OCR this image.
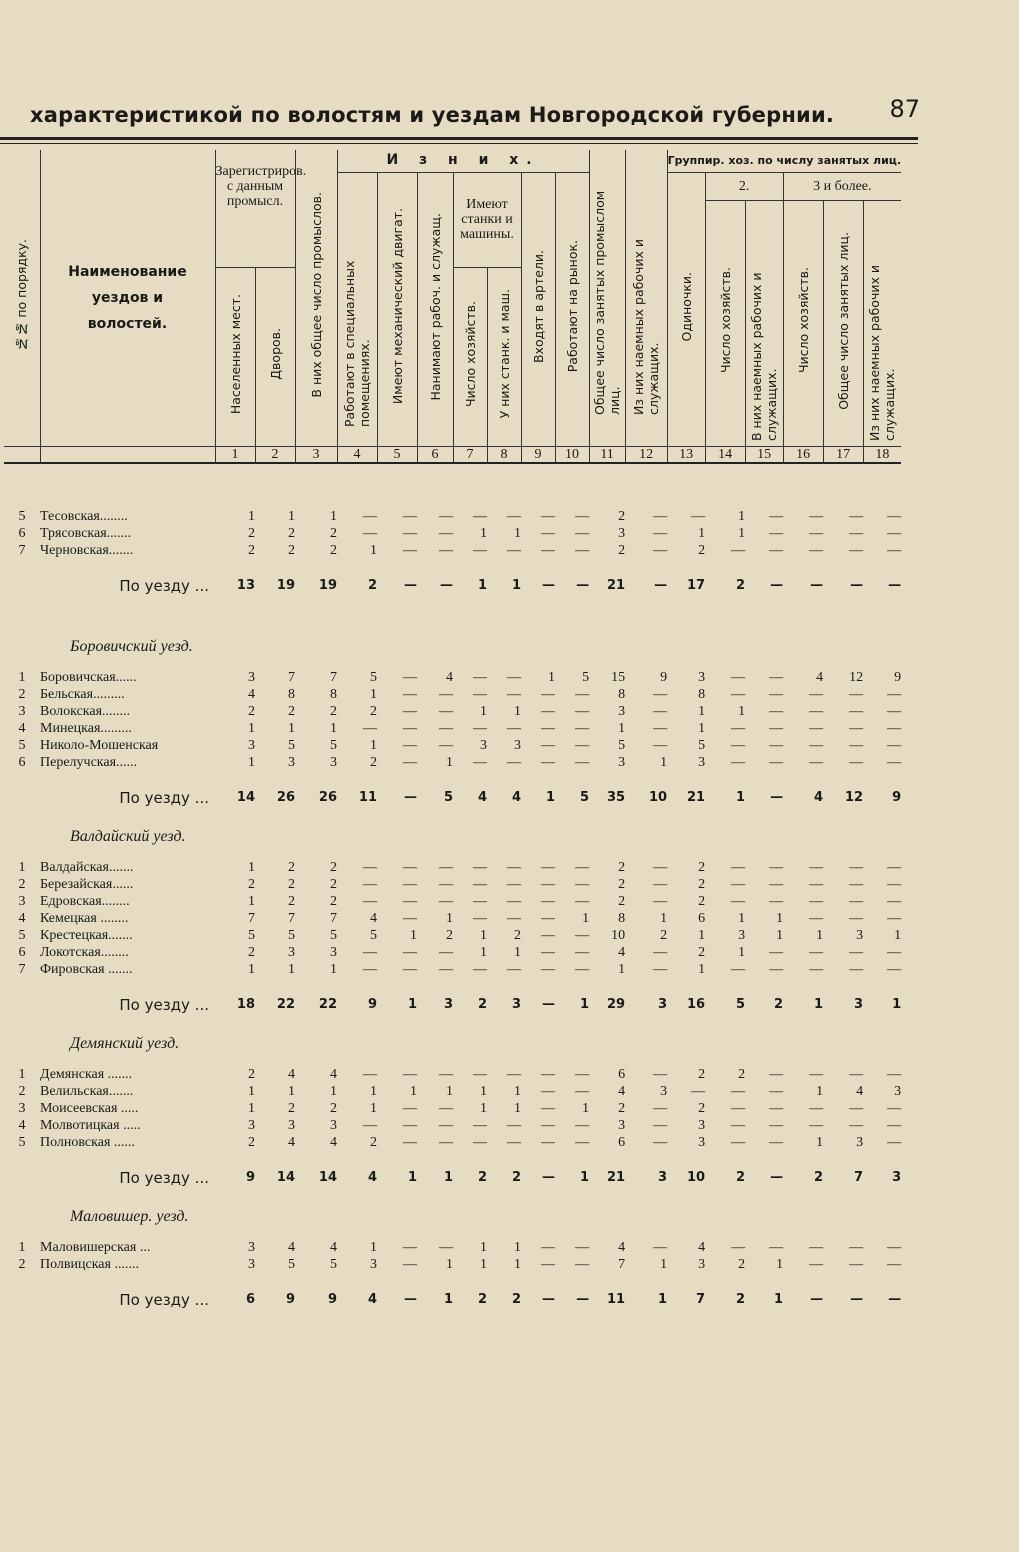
характеристикой по волостям и уездам Новгородской губернии. 87
№№ по порядку.	Наименование уездов и волостей.	Зарегистриров. с данным промысл.		В них общее число промыслов.	И з н и х.							Общее число занятых промыслом лиц.	Из них наемных рабочих и служащих.	Группир. хоз. по числу занятых лиц.					
					Работают в специальных помещениях.	Имеют механический двигат.	Нанимают рабоч. и служащ.	Имеют станки и машины.		Входят в артели.	Работают на рынок.			Одиночки.	2.		3 и более.		

															Число хозяйств.	В них наемных рабочих и служащих.	Число хозяйств.	Общее число занятых лиц.	Из них наемных рабочих и служащих.
		Населенных мест.	Дворов.					Число хозяйств.	У них станк. и маш.										
		1	2	3	4	5	6	7	8	9	10	11	12	13	14	15	16	17	18

5	Тесовская........	1	1	1	—	—	—	—	—	—	—	2	—	—	1	—	—	—	—
6	Трясовская.......	2	2	2	—	—	—	1	1	—	—	3	—	1	1	—	—	—	—
7	Черновская.......	2	2	2	1	—	—	—	—	—	—	2	—	2	—	—	—	—	—

	По уезду ...	13	19	19	2	—	—	1	1	—	—	21	—	17	2	—	—	—	—

	Боровичский уезд.																		
1	Боровичская......	3	7	7	5	—	4	—	—	1	5	15	9	3	—	—	4	12	9
2	Бельская.........	4	8	8	1	—	—	—	—	—	—	8	—	8	—	—	—	—	—
3	Волокская........	2	2	2	2	—	—	1	1	—	—	3	—	1	1	—	—	—	—
4	Минецкая.........	1	1	1	—	—	—	—	—	—	—	1	—	1	—	—	—	—	—
5	Николо-Мошенская	3	5	5	1	—	—	3	3	—	—	5	—	5	—	—	—	—	—
6	Перелучская......	1	3	3	2	—	1	—	—	—	—	3	1	3	—	—	—	—	—

	По уезду ...	14	26	26	11	—	5	4	4	1	5	35	10	21	1	—	4	12	9
	Валдайский уезд.																		
1	Валдайская.......	1	2	2	—	—	—	—	—	—	—	2	—	2	—	—	—	—	—
2	Березайская......	2	2	2	—	—	—	—	—	—	—	2	—	2	—	—	—	—	—
3	Едровская........	1	2	2	—	—	—	—	—	—	—	2	—	2	—	—	—	—	—
4	Кемецкая ........	7	7	7	4	—	1	—	—	—	1	8	1	6	1	1	—	—	—
5	Крестецкая.......	5	5	5	5	1	2	1	2	—	—	10	2	1	3	1	1	3	1
6	Локотская........	2	3	3	—	—	—	1	1	—	—	4	—	2	1	—	—	—	—
7	Фировская .......	1	1	1	—	—	—	—	—	—	—	1	—	1	—	—	—	—	—

	По уезду ...	18	22	22	9	1	3	2	3	—	1	29	3	16	5	2	1	3	1
	Демянский уезд.																		
1	Демянская .......	2	4	4	—	—	—	—	—	—	—	6	—	2	2	—	—	—	—
2	Велильская.......	1	1	1	1	1	1	1	1	—	—	4	3	—	—	—	1	4	3
3	Моисеевская .....	1	2	2	1	—	—	1	1	—	1	2	—	2	—	—	—	—	—
4	Молвотицкая .....	3	3	3	—	—	—	—	—	—	—	3	—	3	—	—	—	—	—
5	Полновская ......	2	4	4	2	—	—	—	—	—	—	6	—	3	—	—	1	3	—

	По уезду ...	9	14	14	4	1	1	2	2	—	1	21	3	10	2	—	2	7	3
	Маловишер. уезд.																		
1	Маловишерская ...	3	4	4	1	—	—	1	1	—	—	4	—	4	—	—	—	—	—
2	Полвицская .......	3	5	5	3	—	1	1	1	—	—	7	1	3	2	1	—	—	—

	По уезду ...	6	9	9	4	—	1	2	2	—	—	11	1	7	2	1	—	—	—
